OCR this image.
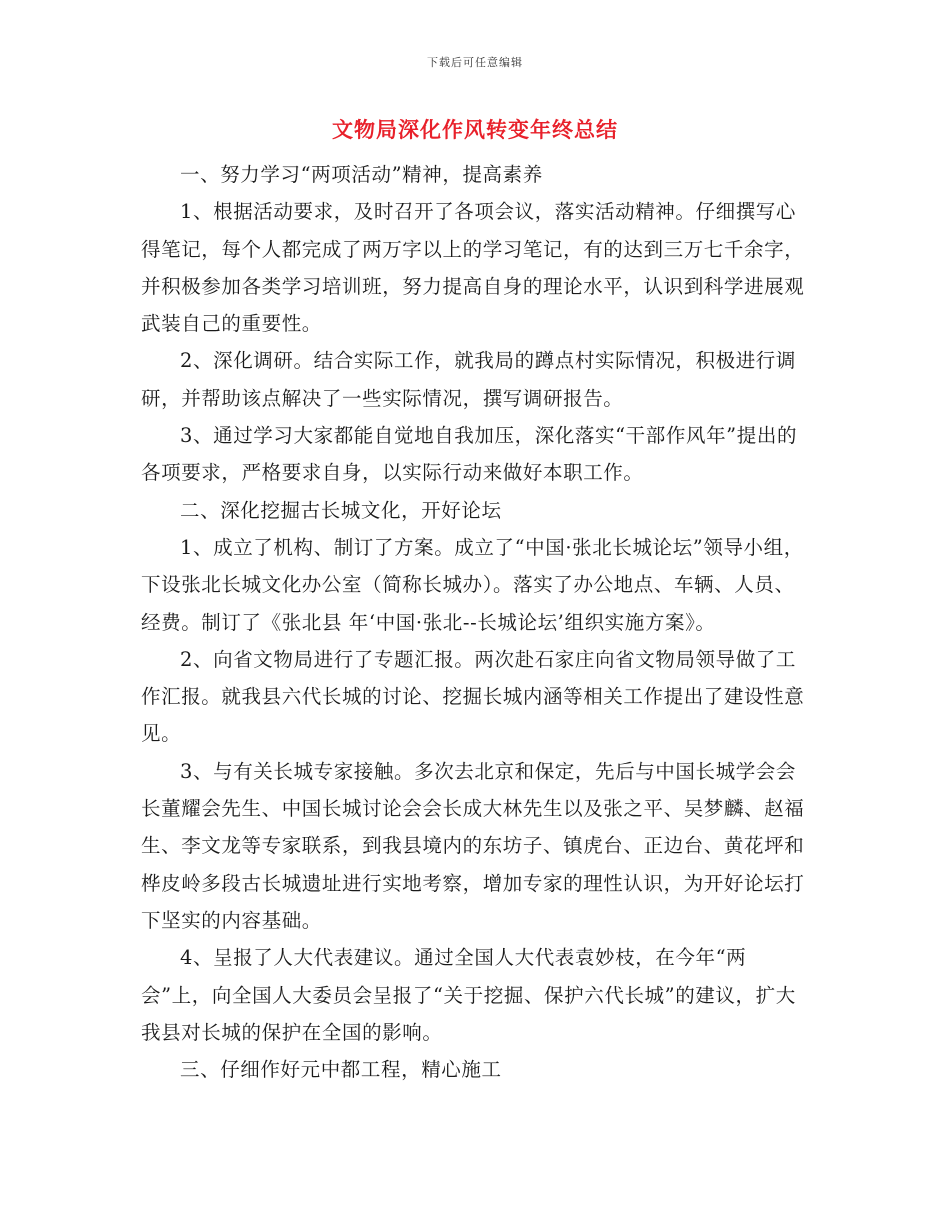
下载后可任意编辑
文物局深化作风转变年终总结

一、努力学习“两项活动”精神，提高素养

1、根据活动要求，及时召开了各项会议，落实活动精神。仔细撰写心得笔记，每个人都完成了两万字以上的学习笔记，有的达到三万七千余字，并积极参加各类学习培训班，努力提高自身的理论水平，认识到科学进展观武装自己的重要性。

2、深化调研。结合实际工作，就我局的蹲点村实际情况，积极进行调研，并帮助该点解决了一些实际情况，撰写调研报告。

3、通过学习大家都能自觉地自我加压，深化落实“干部作风年”提出的各项要求，严格要求自身，以实际行动来做好本职工作。

二、深化挖掘古长城文化，开好论坛

1、成立了机构、制订了方案。成立了“中国·张北长城论坛”领导小组，下设张北长城文化办公室（简称长城办）。落实了办公地点、车辆、人员、经费。制订了《张北县 年‘中国·张北--长城论坛’组织实施方案》。

2、向省文物局进行了专题汇报。两次赴石家庄向省文物局领导做了工作汇报。就我县六代长城的讨论、挖掘长城内涵等相关工作提出了建设性意见。

3、与有关长城专家接触。多次去北京和保定，先后与中国长城学会会长董耀会先生、中国长城讨论会会长成大林先生以及张之平、吴梦麟、赵福生、李文龙等专家联系，到我县境内的东坊子、镇虎台、正边台、黄花坪和桦皮岭多段古长城遗址进行实地考察，增加专家的理性认识，为开好论坛打下坚实的内容基础。

4、呈报了人大代表建议。通过全国人大代表袁妙枝，在今年“两会”上，向全国人大委员会呈报了“关于挖掘、保护六代长城”的建议，扩大我县对长城的保护在全国的影响。

三、仔细作好元中都工程，精心施工
